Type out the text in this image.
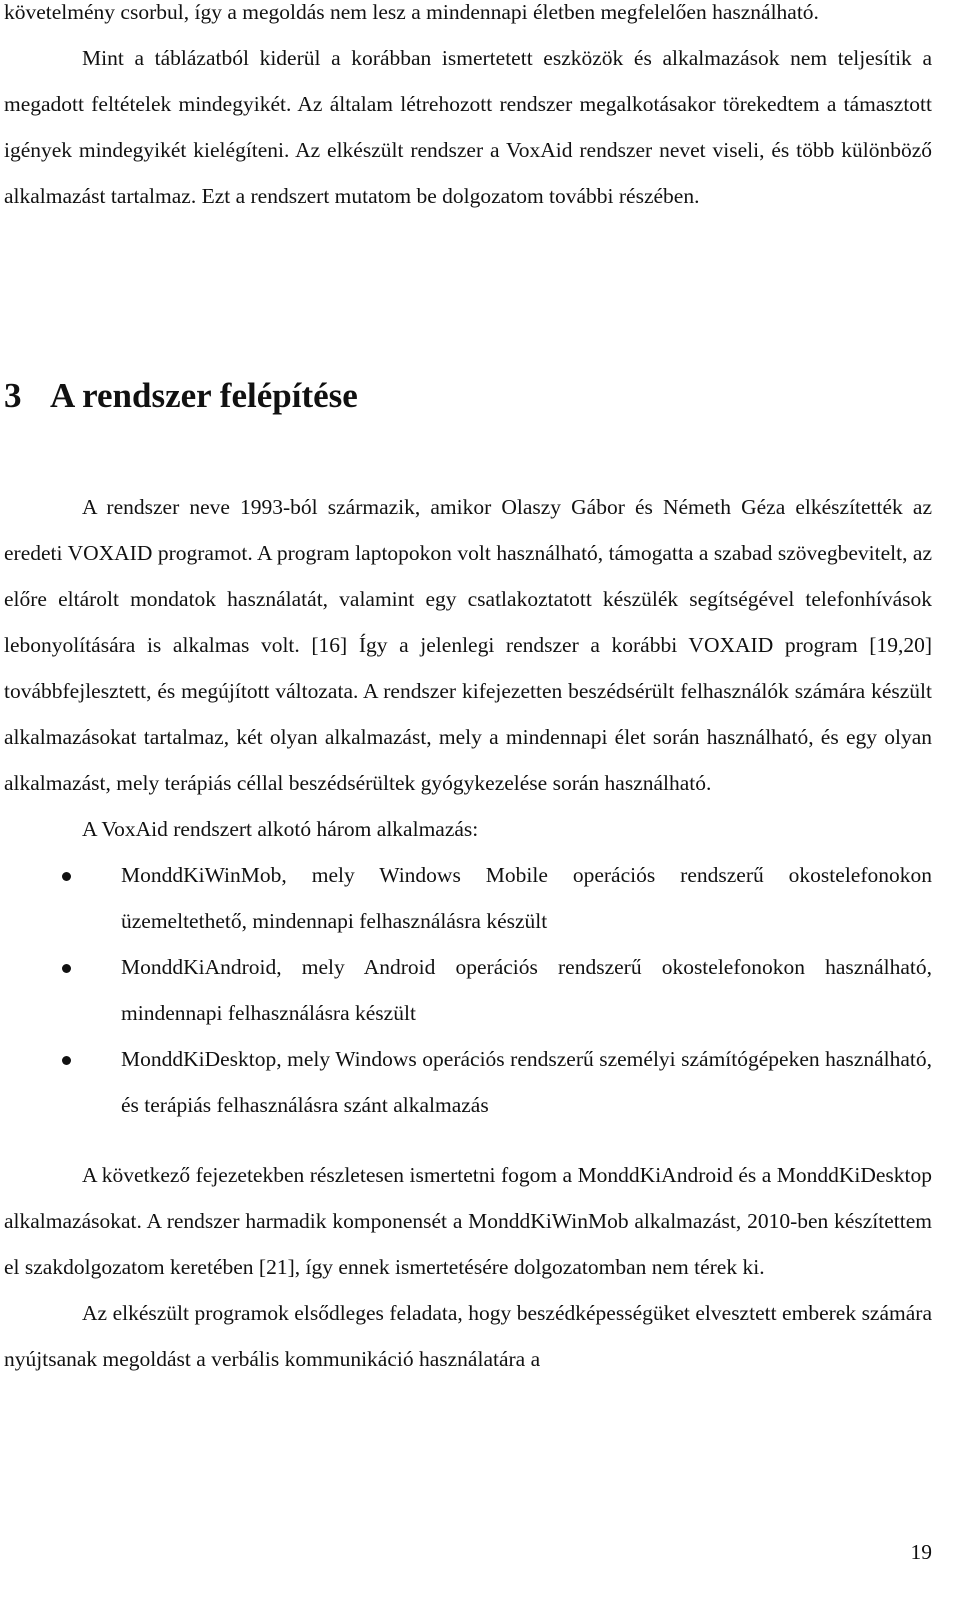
követelmény csorbul, így a megoldás nem lesz a mindennapi életben megfelelően használható.

Mint a táblázatból kiderül a korábban ismertetett eszközök és alkalmazások nem teljesítik a megadott feltételek mindegyikét. Az általam létrehozott rendszer megalkotásakor törekedtem a támasztott igények mindegyikét kielégíteni. Az elkészült rendszer a VoxAid rendszer nevet viseli, és több különböző alkalmazást tartalmaz. Ezt a rendszert mutatom be dolgozatom további részében.

3 A rendszer felépítése

A rendszer neve 1993-ból származik, amikor Olaszy Gábor és Németh Géza elkészítették az eredeti VOXAID programot. A program laptopokon volt használható, támogatta a szabad szövegbevitelt, az előre eltárolt mondatok használatát, valamint egy csatlakoztatott készülék segítségével telefonhívások lebonyolítására is alkalmas volt. [16] Így a jelenlegi rendszer a korábbi VOXAID program [19,20] továbbfejlesztett, és megújított változata. A rendszer kifejezetten beszédsérült felhasználók számára készült alkalmazásokat tartalmaz, két olyan alkalmazást, mely a mindennapi élet során használható, és egy olyan alkalmazást, mely terápiás céllal beszédsérültek gyógykezelése során használható.

A VoxAid rendszert alkotó három alkalmazás:

MonddKiWinMob, mely Windows Mobile operációs rendszerű okostelefonokon üzemeltethető, mindennapi felhasználásra készült
MonddKiAndroid, mely Android operációs rendszerű okostelefonokon használható, mindennapi felhasználásra készült
MonddKiDesktop, mely Windows operációs rendszerű személyi számítógépeken használható, és terápiás felhasználásra szánt alkalmazás

A következő fejezetekben részletesen ismertetni fogom a MonddKiAndroid és a MonddKiDesktop alkalmazásokat. A rendszer harmadik komponensét a MonddKiWinMob alkalmazást, 2010-ben készítettem el szakdolgozatom keretében [21], így ennek ismertetésére dolgozatomban nem térek ki.

Az elkészült programok elsődleges feladata, hogy beszédképességüket elvesztett emberek számára nyújtsanak megoldást a verbális kommunikáció használatára a

19
